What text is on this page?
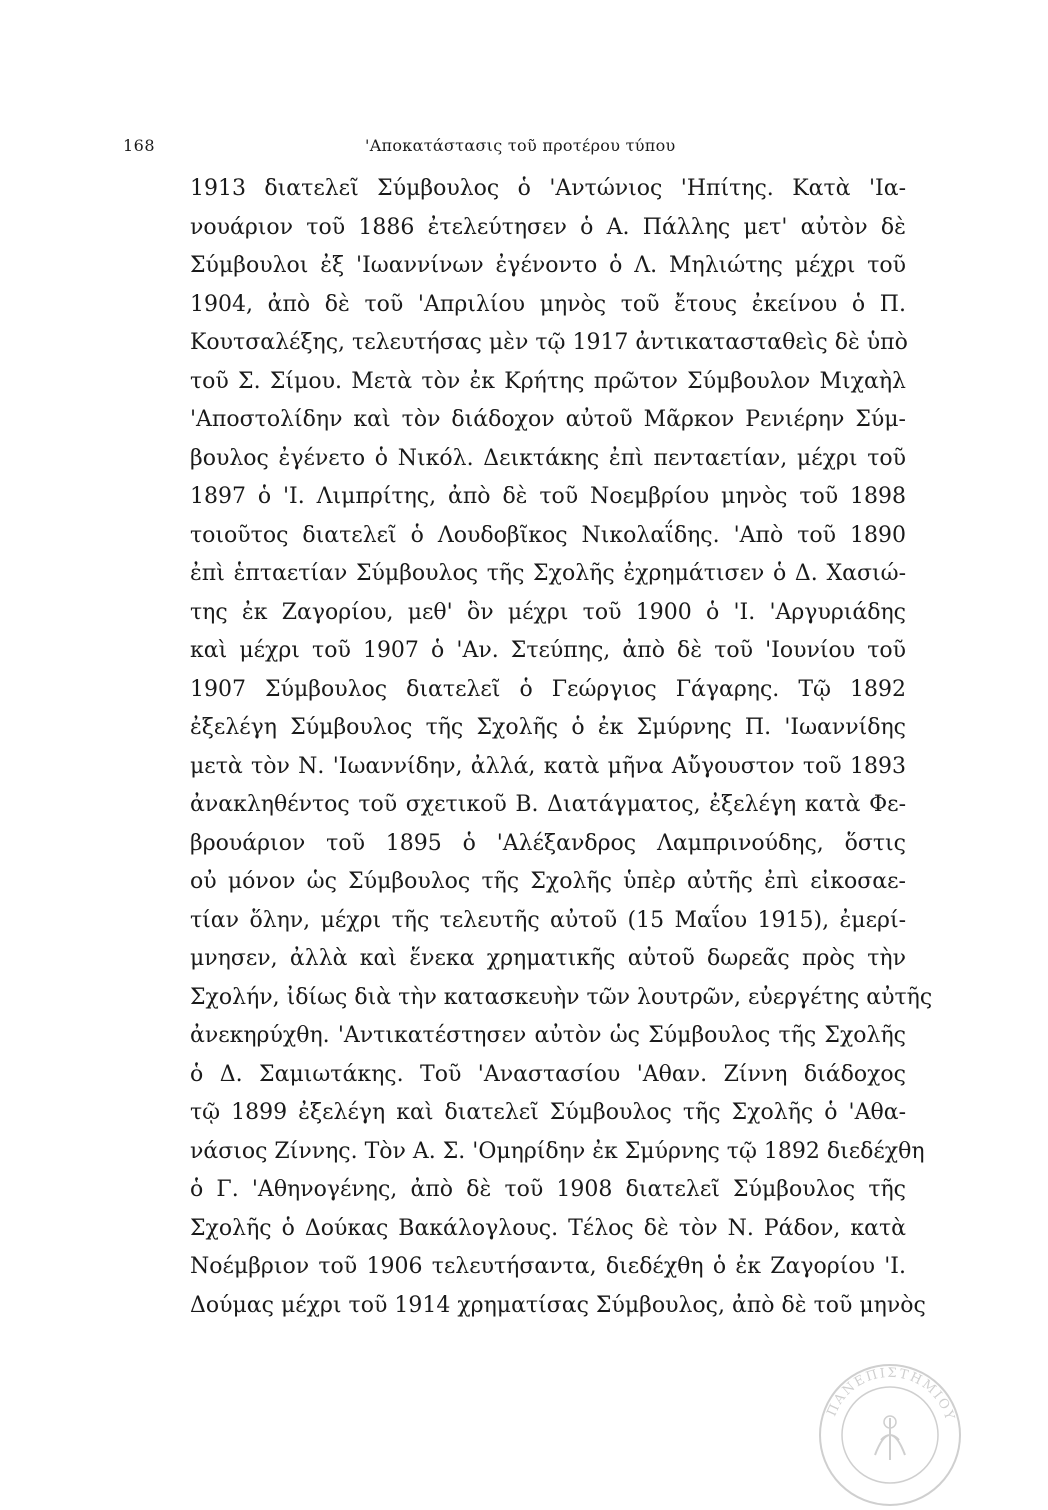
168	'Αποκατάστασις τοῦ προτέρου τύπου
1913 διατελεῖ Σύμβουλος ὁ 'Αντώνιος 'Ηπίτης. Κατὰ 'Ια-
νουάριον τοῦ 1886 ἐτελεύτησεν ὁ Α. Πάλλης μετ' αὐτὸν δὲ
Σύμβουλοι ἐξ 'Ιωαννίνων ἐγένοντο ὁ Λ. Μηλιώτης μέχρι τοῦ
1904, ἀπὸ δὲ τοῦ 'Απριλίου μηνὸς τοῦ ἔτους ἐκείνου ὁ Π.
Κουτσαλέξης, τελευτήσας μὲν τῷ 1917 ἀντικατασταθεὶς δὲ ὑπὸ
τοῦ Σ. Σίμου. Μετὰ τὸν ἐκ Κρήτης πρῶτον Σύμβουλον Μιχαὴλ
'Αποστολίδην καὶ τὸν διάδοχον αὐτοῦ Μᾶρκον Ρενιέρην Σύμ-
βουλος ἐγένετο ὁ Νικόλ. Δεικτάκης ἐπὶ πενταετίαν, μέχρι τοῦ
1897 ὁ 'Ι. Λιμπρίτης, ἀπὸ δὲ τοῦ Νοεμβρίου μηνὸς τοῦ 1898
τοιοῦτος διατελεῖ ὁ Λουδοβῖκος Νικολαΐδης. 'Απὸ τοῦ 1890
ἐπὶ ἑπταετίαν Σύμβουλος τῆς Σχολῆς ἐχρημάτισεν ὁ Δ. Χασιώ-
της ἐκ Ζαγορίου, μεθ' ὃν μέχρι τοῦ 1900 ὁ 'Ι. 'Αργυριάδης
καὶ μέχρι τοῦ 1907 ὁ 'Αν. Στεύπης, ἀπὸ δὲ τοῦ 'Ιουνίου τοῦ
1907 Σύμβουλος διατελεῖ ὁ Γεώργιος Γάγαρης. Τῷ 1892
ἐξελέγη Σύμβουλος τῆς Σχολῆς ὁ ἐκ Σμύρνης Π. 'Ιωαννίδης
μετὰ τὸν Ν. 'Ιωαννίδην, ἀλλά, κατὰ μῆνα Αὔγουστον τοῦ 1893
ἀνακληθέντος τοῦ σχετικοῦ Β. Διατάγματος, ἐξελέγη κατὰ Φε-
βρουάριον τοῦ 1895 ὁ 'Αλέξανδρος Λαμπρινούδης, ὅστις
οὐ μόνον ὡς Σύμβουλος τῆς Σχολῆς ὑπὲρ αὐτῆς ἐπὶ εἰκοσαε-
τίαν ὅλην, μέχρι τῆς τελευτῆς αὐτοῦ (15 Μαΐου 1915), ἐμερί-
μνησεν, ἀλλὰ καὶ ἕνεκα χρηματικῆς αὐτοῦ δωρεᾶς πρὸς τὴν
Σχολήν, ἰδίως διὰ τὴν κατασκευὴν τῶν λουτρῶν, εὐεργέτης αὐτῆς
ἀνεκηρύχθη. 'Αντικατέστησεν αὐτὸν ὡς Σύμβουλος τῆς Σχολῆς
ὁ Δ. Σαμιωτάκης. Τοῦ 'Αναστασίου 'Αθαν. Ζίννη διάδοχος
τῷ 1899 ἐξελέγη καὶ διατελεῖ Σύμβουλος τῆς Σχολῆς ὁ 'Αθα-
νάσιος Ζίννης. Τὸν Α. Σ. 'Ομηρίδην ἐκ Σμύρνης τῷ 1892 διεδέχθη
ὁ Γ. 'Αθηνογένης, ἀπὸ δὲ τοῦ 1908 διατελεῖ Σύμβουλος τῆς
Σχολῆς ὁ Δούκας Βακάλογλους. Τέλος δὲ τὸν Ν. Ράδον, κατὰ
Νοέμβριον τοῦ 1906 τελευτήσαντα, διεδέχθη ὁ ἐκ Ζαγορίου 'Ι.
Δούμας μέχρι τοῦ 1914 χρηματίσας Σύμβουλος, ἀπὸ δὲ τοῦ μηνὸς
ΠΑΝΕΠΙΣΤΗΜΙΟΥ
